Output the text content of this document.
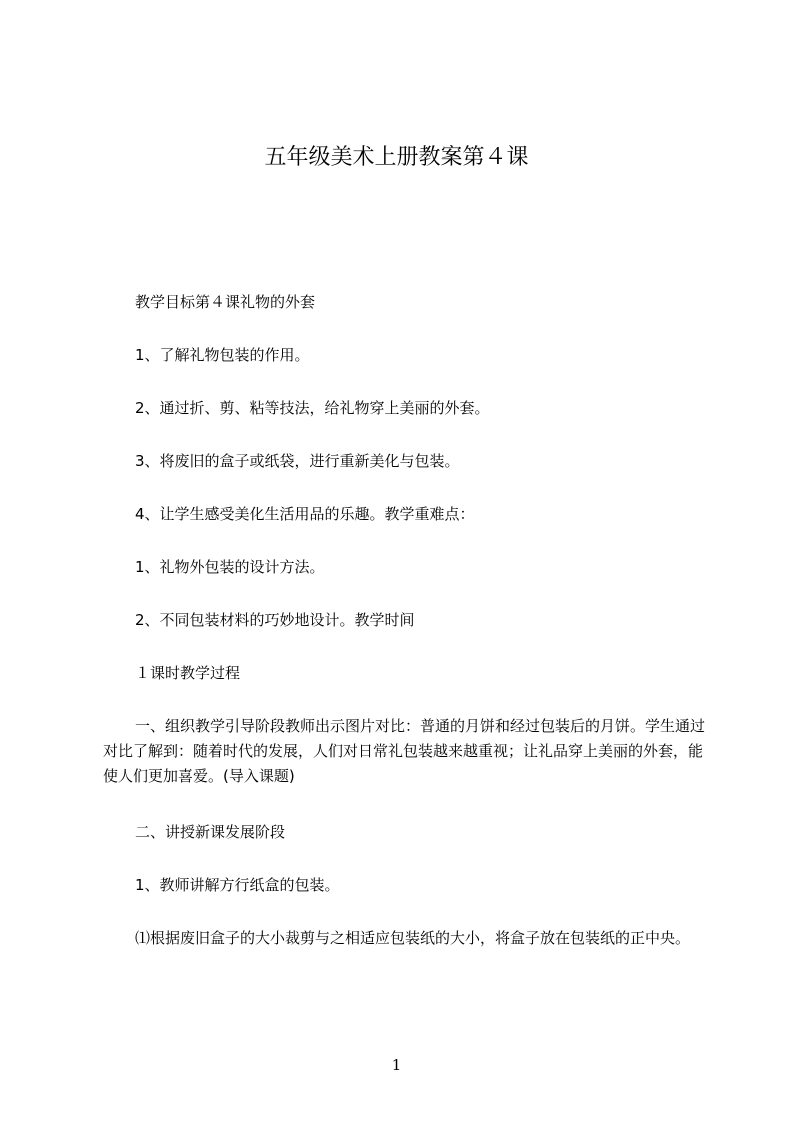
五年级美术上册教案第４课
教学目标第４课礼物的外套
1、了解礼物包装的作用。
2、通过折、剪、粘等技法，给礼物穿上美丽的外套。
3、将废旧的盒子或纸袋，进行重新美化与包装。
4、让学生感受美化生活用品的乐趣。教学重难点：
1、礼物外包装的设计方法。
2、不同包装材料的巧妙地设计。教学时间
１课时教学过程
一、组织教学引导阶段教师出示图片对比：普通的月饼和经过包装后的月饼。学生通过对比了解到：随着时代的发展，人们对日常礼包装越来越重视；让礼品穿上美丽的外套，能使人们更加喜爱。(导入课题)
二、讲授新课发展阶段
1、教师讲解方行纸盒的包装。
⑴根据废旧盒子的大小裁剪与之相适应包装纸的大小，将盒子放在包装纸的正中央。
1
